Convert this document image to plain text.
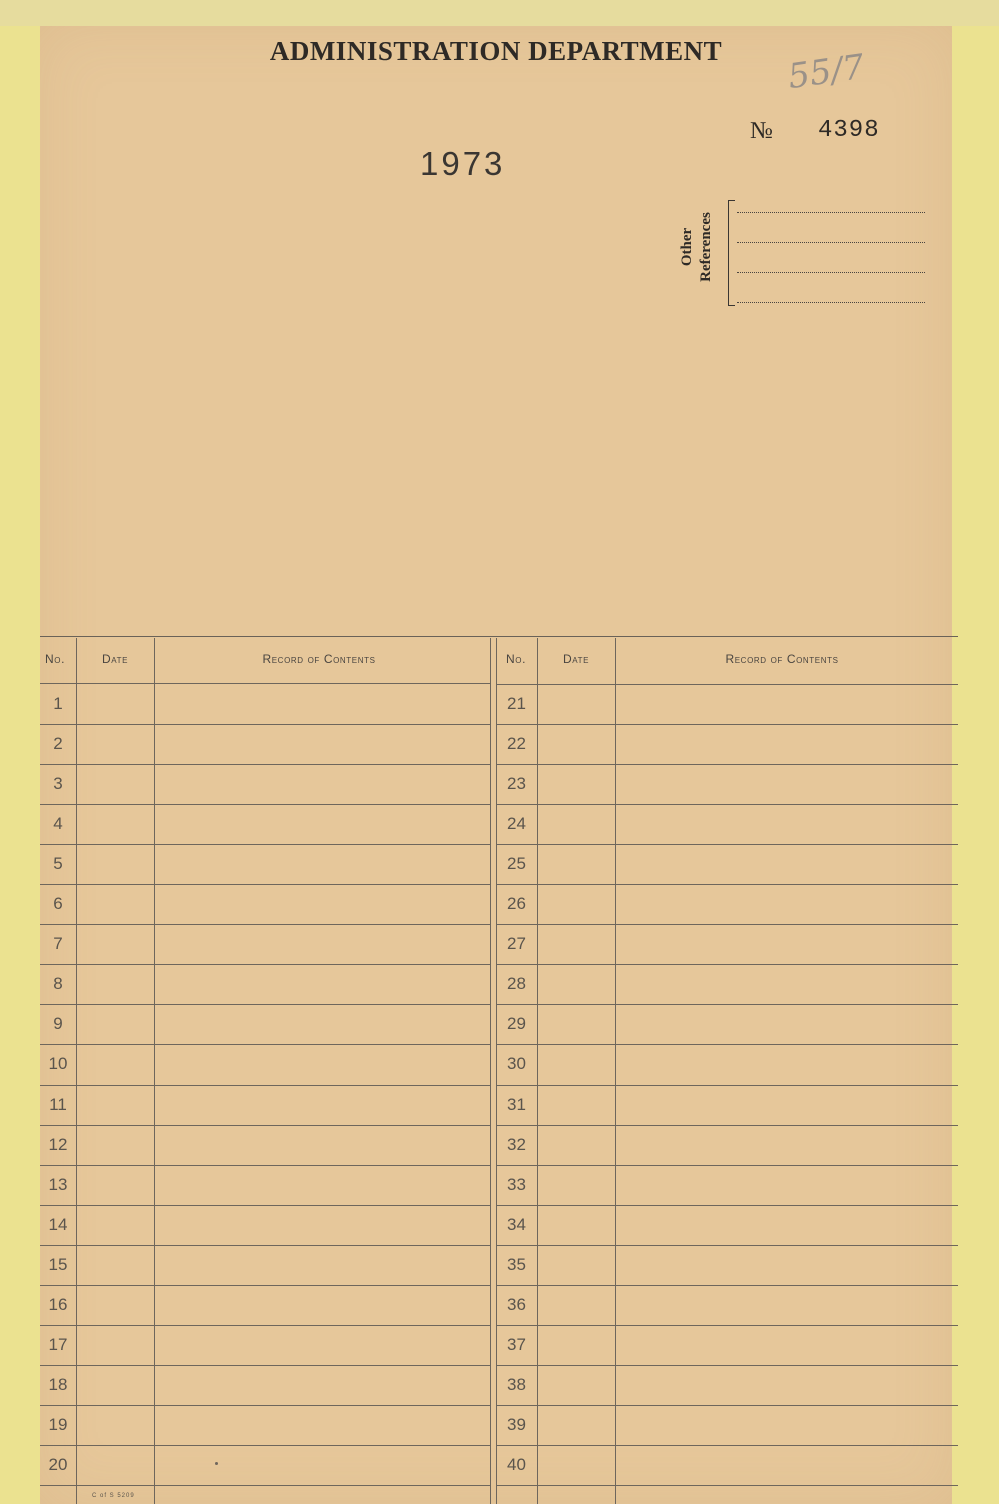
ADMINISTRATION DEPARTMENT	55/7
№ 4398
1973
Other References
No.	Date	Record of Contents
1
2
3
4
5
6
7
8
9
10
11
12
13
14
15
16
17
18
19
20
No.	Date	Record of Contents
21
22
23
24
25
26
27
28
29
30
31
32
33
34
35
36
37
38
39
40
C of S 5209
